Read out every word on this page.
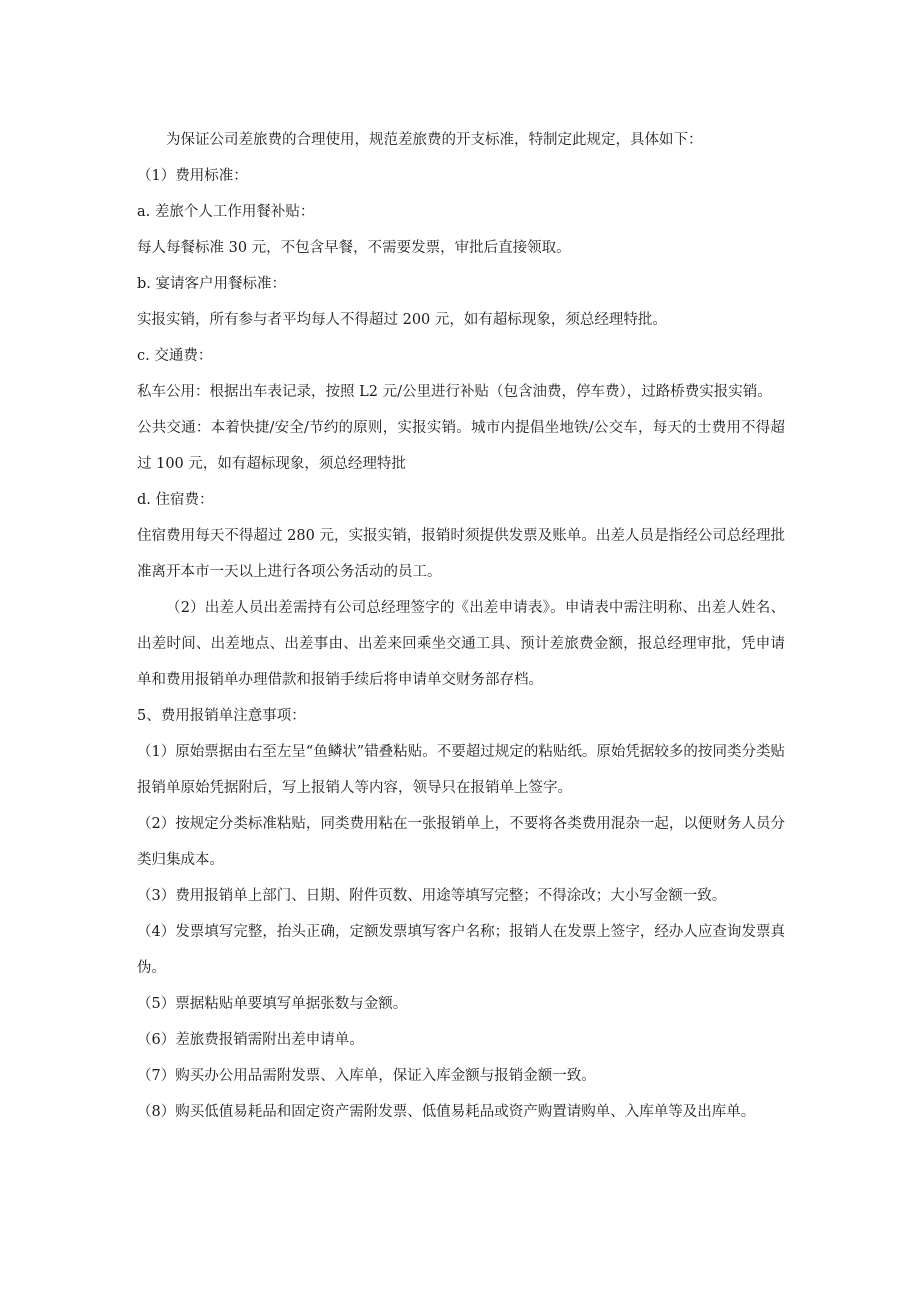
为保证公司差旅费的合理使用，规范差旅费的开支标准，特制定此规定，具体如下：

（1）费用标准：

a. 差旅个人工作用餐补贴：

每人每餐标准 30 元，不包含早餐，不需要发票，审批后直接领取。

b. 宴请客户用餐标准：

实报实销，所有参与者平均每人不得超过 200 元，如有超标现象，须总经理特批。

c. 交通费：

私车公用：根据出车表记录，按照 L2 元/公里进行补贴（包含油费，停车费），过路桥费实报实销。

公共交通：本着快捷/安全/节约的原则，实报实销。城市内提倡坐地铁/公交车，每天的士费用不得超过 100 元，如有超标现象，须总经理特批

d. 住宿费：

住宿费用每天不得超过 280 元，实报实销，报销时须提供发票及账单。出差人员是指经公司总经理批准离开本市一天以上进行各项公务活动的员工。

（2）出差人员出差需持有公司总经理签字的《出差申请表》。申请表中需注明称、出差人姓名、出差时间、出差地点、出差事由、出差来回乘坐交通工具、预计差旅费金额，报总经理审批，凭申请单和费用报销单办理借款和报销手续后将申请单交财务部存档。

5、费用报销单注意事项：

（1）原始票据由右至左呈“鱼鳞状”错叠粘贴。不要超过规定的粘贴纸。原始凭据较多的按同类分类贴报销单原始凭据附后，写上报销人等内容，领导只在报销单上签字。

（2）按规定分类标准粘贴，同类费用粘在一张报销单上，不要将各类费用混杂一起，以便财务人员分类归集成本。

（3）费用报销单上部门、日期、附件页数、用途等填写完整；不得涂改；大小写金额一致。

（4）发票填写完整，抬头正确，定额发票填写客户名称；报销人在发票上签字，经办人应查询发票真伪。

（5）票据粘贴单要填写单据张数与金额。

（6）差旅费报销需附出差申请单。

（7）购买办公用品需附发票、入库单，保证入库金额与报销金额一致。

（8）购买低值易耗品和固定资产需附发票、低值易耗品或资产购置请购单、入库单等及出库单。
